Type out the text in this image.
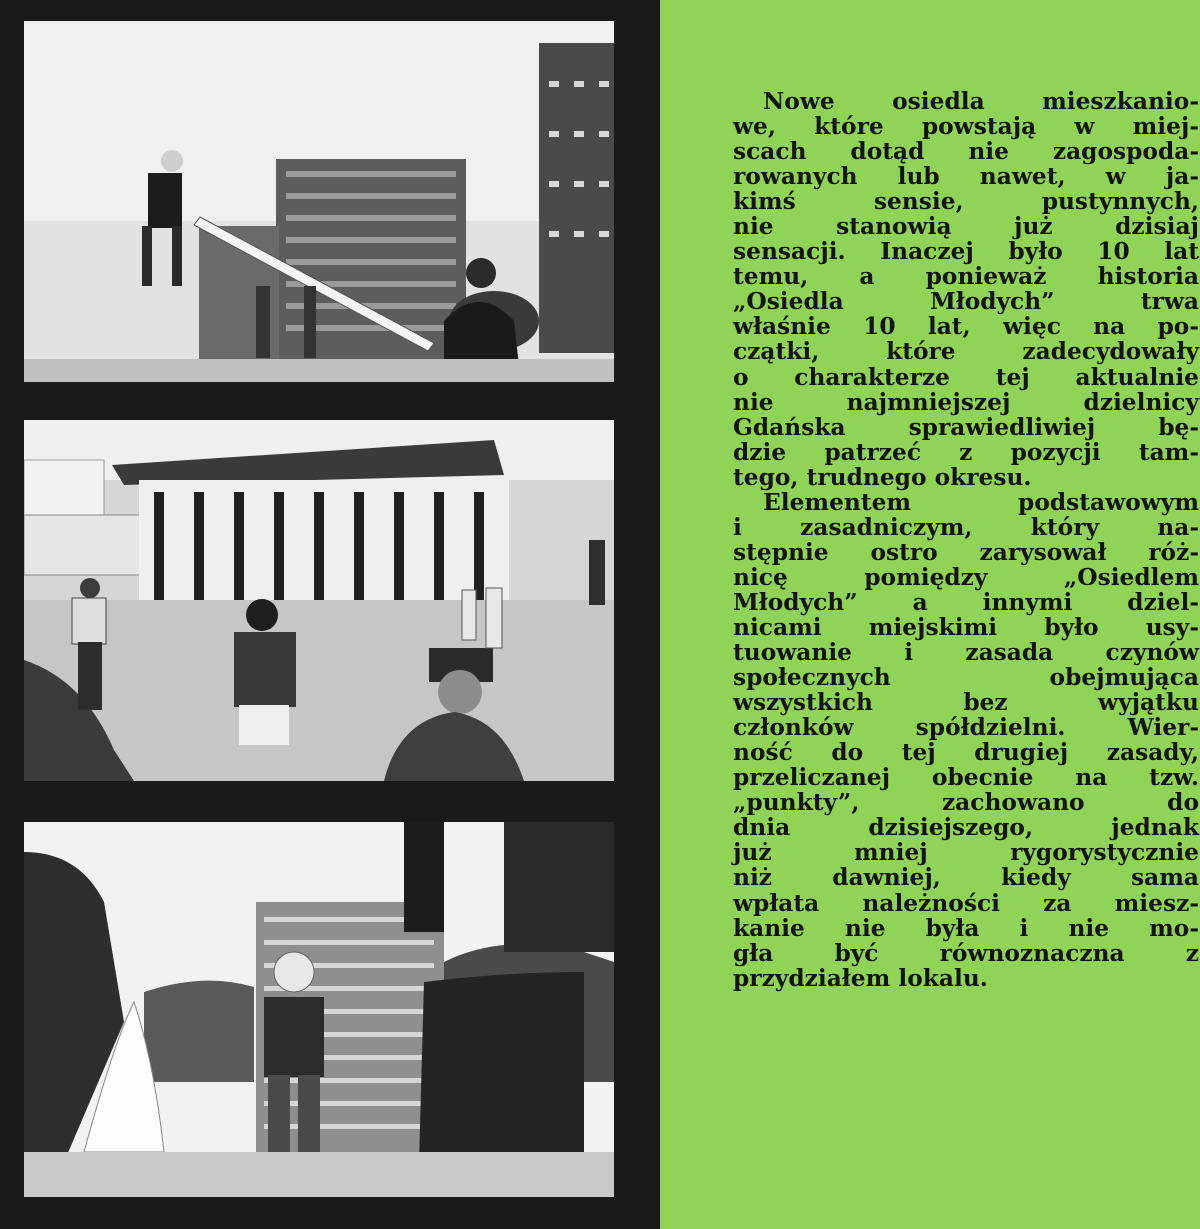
Nowe osiedla mieszkanio-
we, które powstają w miej-
scach dotąd nie zagospoda-
rowanych lub nawet, w ja-
kimś sensie, pustynnych,
nie stanowią już dzisiaj
sensacji. Inaczej było 10 lat
temu, a ponieważ historia
„Osiedla Młodych” trwa
właśnie 10 lat, więc na po-
czątki, które zadecydowały
o charakterze tej aktualnie
nie najmniejszej dzielnicy
Gdańska sprawiedliwiej bę-
dzie patrzeć z pozycji tam-
tego, trudnego okresu.
Elementem podstawowym
i zasadniczym, który na-
stępnie ostro zarysował róż-
nicę pomiędzy „Osiedlem
Młodych” a innymi dziel-
nicami miejskimi było usy-
tuowanie i zasada czynów
społecznych obejmująca
wszystkich bez wyjątku
członków spółdzielni. Wier-
ność do tej drugiej zasady,
przeliczanej obecnie na tzw.
„punkty”, zachowano do
dnia dzisiejszego, jednak
już mniej rygorystycznie
niż dawniej, kiedy sama
wpłata należności za miesz-
kanie nie była i nie mo-
gła być równoznaczna z
przydziałem lokalu.
